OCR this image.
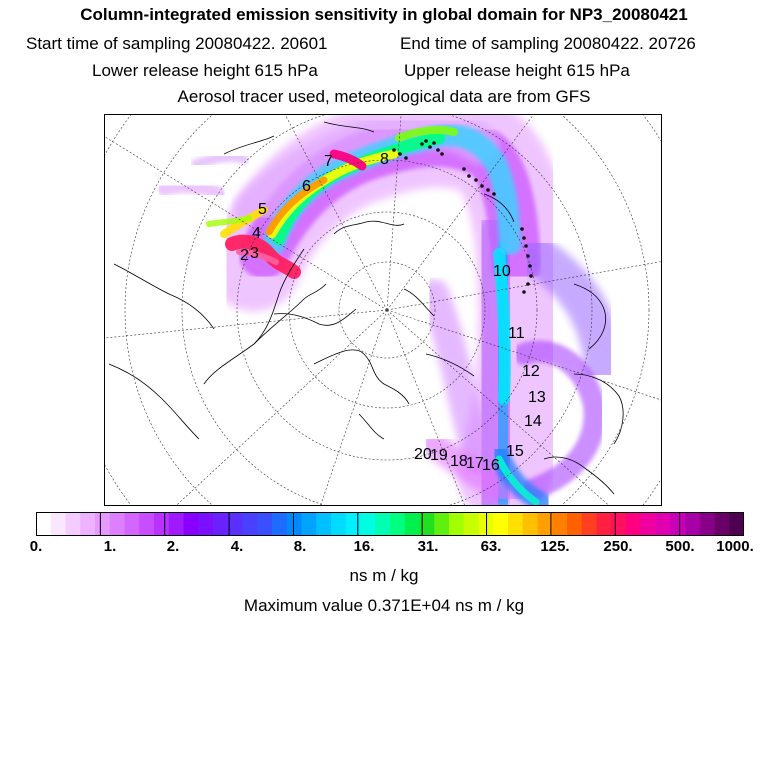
Column-integrated emission sensitivity in global domain for NP3_20080421
Start time of sampling 20080422. 20601	End time of sampling 20080422. 20726
Lower release height 615 hPa	Upper release height 615 hPa
Aerosol tracer used, meteorological data are from GFS
2 3
4
5
6
7	8
10
11
12
13
14
15
16
17
18
19
20
0.	1.	2.	4.	8.	16.	31.	63.	125. 250. 500. 1000.
ns m / kg
Maximum value 0.371E+04 ns m / kg
